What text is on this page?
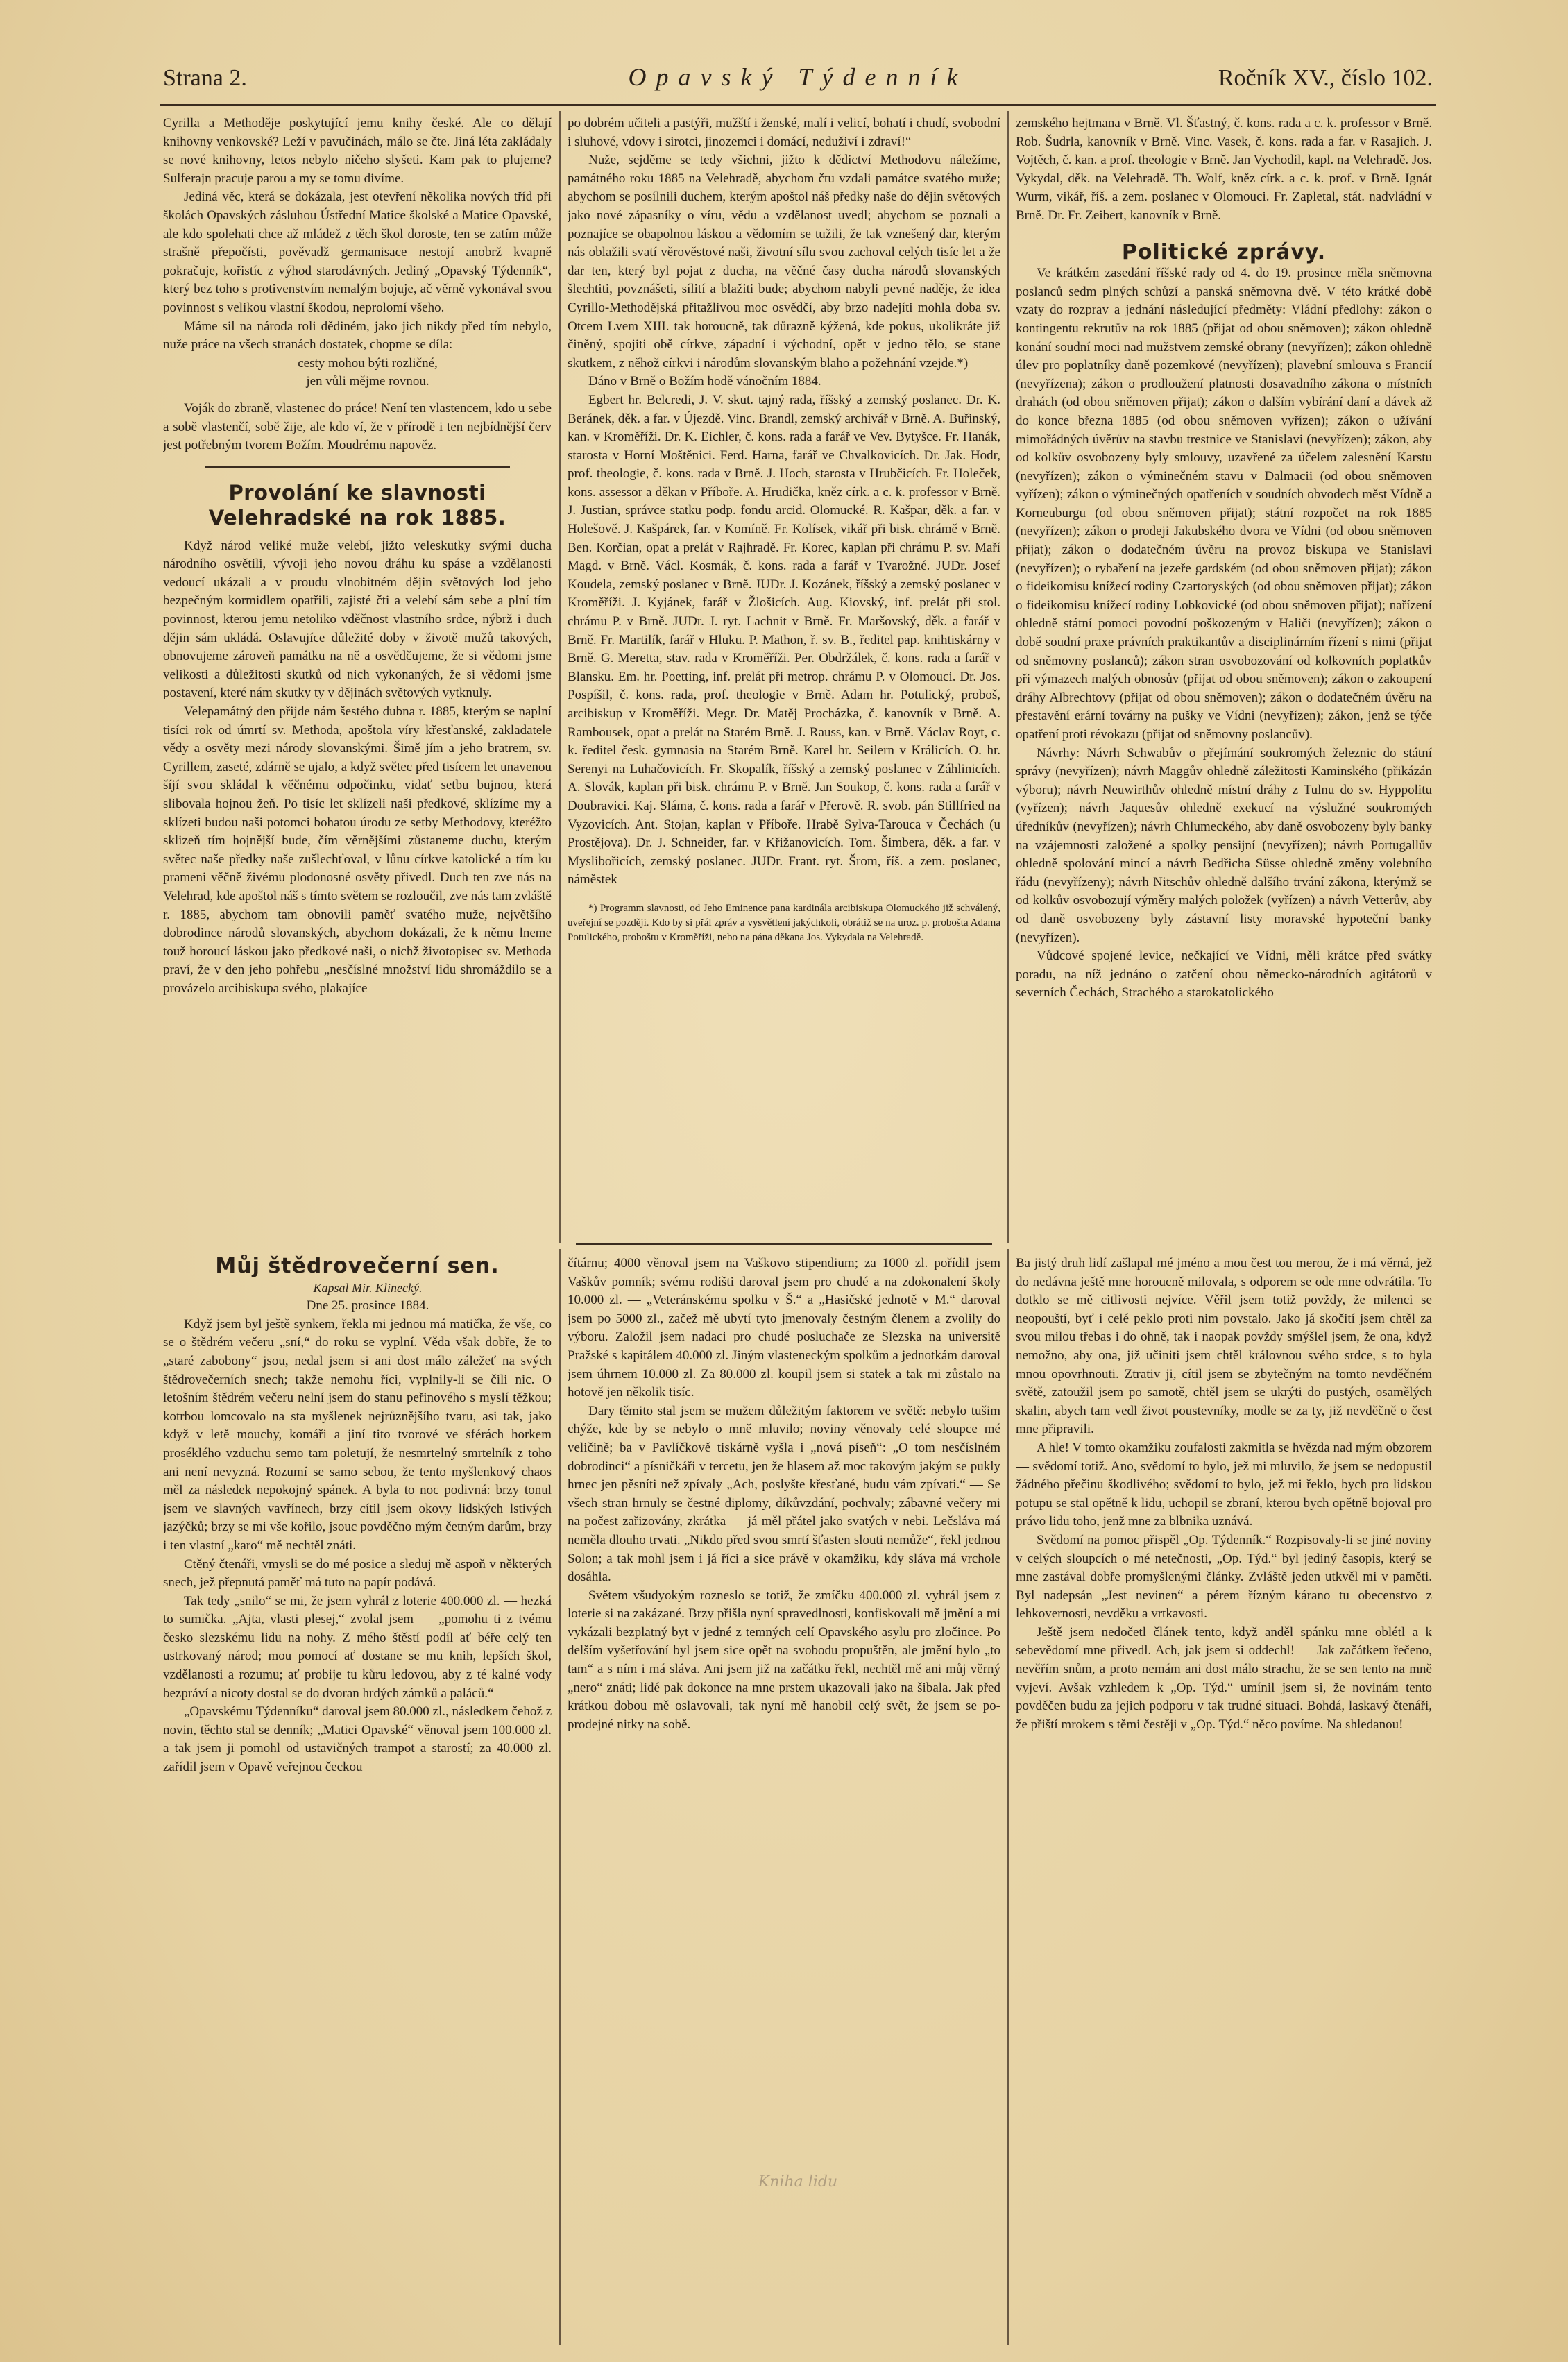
Strana 2.	Opavský Týdenník	Ročník XV., číslo 102.

Cyrilla a Methoděje poskytující jemu knihy české. Ale co dělají knihovny venkovské? Leží v pavučinách, málo se čte. Jiná léta zakládaly se nové knihovny, letos nebylo ničeho slyšeti. Kam pak to plujeme? Sulferajn pracuje parou a my se tomu divíme.

Jediná věc, která se dokázala, jest otevření několika nových tříd při školách Opavských zásluhou Ústřední Matice školské a Matice Opavské, ale kdo spolehati chce až mládež z těch škol doroste, ten se zatím může strašně přepočísti, pověvadž germanisace nestojí anobrž kvapně pokračuje, kořistíc z výhod starodávných. Jediný „Opavský Týdenník“, který bez toho s protivenstvím nemalým bojuje, ač věrně vykonával svou povinnost s velikou vlastní škodou, neprolomí všeho.

Máme sil na národa roli dědiném, jako jich nikdy před tím nebylo, nuže práce na všech stranách dostatek, chopme se díla:

cesty mohou býti rozličné,

jen vůli mějme rovnou.

Voják do zbraně, vlastenec do práce! Není ten vlastencem, kdo u sebe a sobě vlastenčí, sobě žije, ale kdo ví, že v přírodě i ten nejbídnější červ jest potřebným tvorem Božím. Moudrému napověz.

Provolání ke slavnosti Velehradské na rok 1885.

Když národ veliké muže velebí, jižto veleskutky svými ducha národního osvětili, vývoji jeho novou dráhu ku spáse a vzdělanosti vedoucí ukázali a v proudu vlnobitném dějin světových lod jeho bezpečným kormidlem opatřili, zajisté čti a velebí sám sebe a plní tím povinnost, kterou jemu netoliko vděčnost vlastního srdce, nýbrž i duch dějin sám ukládá. Oslavujíce důležité doby v životě mužů takových, obnovujeme zároveň památku na ně a osvědčujeme, že si vědomi jsme velikosti a důležitosti skutků od nich vykonaných, že si vědomi jsme postavení, které nám skutky ty v dějinách světových vytknuly.

Velepamátný den přijde nám šestého dubna r. 1885, kterým se naplní tisíci rok od úmrtí sv. Methoda, apoštola víry křesťanské, zakladatele vědy a osvěty mezi národy slovanskými. Šimě jím a jeho bratrem, sv. Cyrillem, zaseté, zdárně se ujalo, a když světec před tisícem let unavenou šíjí svou skládal k věčnému odpočinku, vidať setbu bujnou, která slibovala hojnou žeň. Po tisíc let sklízeli naši předkové, sklízíme my a sklízeti budou naši potomci bohatou úrodu ze setby Methodovy, kteréžto sklizeň tím hojnější bude, čím věrnějšími zůstaneme duchu, kterým světec naše předky naše zušlechťoval, v lůnu církve katolické a tím ku prameni věčně živému plodonosné osvěty přivedl. Duch ten zve nás na Velehrad, kde apoštol náš s tímto světem se rozloučil, zve nás tam zvláště r. 1885, abychom tam obnovili paměť svatého muže, největšího dobrodince národů slovanských, abychom dokázali, že k němu lneme touž horoucí láskou jako předkové naši, o nichž životopisec sv. Methoda praví, že v den jeho pohřebu „nesčíslné množství lidu shromáždilo se a provázelo arcibiskupa svého, plakajíce

po dobrém učiteli a pastýři, mužští i ženské, malí i velicí, bohatí i chudí, svobodní i sluhové, vdovy i sirotci, jinozemci i domácí, neduživí i zdraví!“

Nuže, sejděme se tedy všichni, jižto k dědictví Methodovu náležíme, památného roku 1885 na Velehradě, abychom čtu vzdali památce svatého muže; abychom se posílnili duchem, kterým apoštol náš předky naše do dějin světových jako nové zápasníky o víru, vědu a vzdělanost uvedl; abychom se poznali a poznajíce se obapolnou láskou a vědomím se tužili, že tak vznešený dar, kterým nás oblažili svatí věrověstové naši, životní sílu svou zachoval celých tisíc let a že dar ten, který byl pojat z ducha, na věčné časy ducha národů slovanských šlechtiti, povznášeti, sílití a blažiti bude; abychom nabyli pevné naděje, že idea Cyrillo-Methodějská přitažlivou moc osvědčí, aby brzo nadejíti mohla doba sv. Otcem Lvem XIII. tak horoucně, tak důrazně kýžená, kde pokus, ukolikráte již činěný, spojiti obě církve, západní i východní, opět v jedno tělo, se stane skutkem, z něhož církvi i národům slovanským blaho a požehnání vzejde.*)

Dáno v Brně o Božím hodě vánočním 1884.

Egbert hr. Belcredi, J. V. skut. tajný rada, říšský a zemský poslanec. Dr. K. Beránek, děk. a far. v Újezdě. Vinc. Brandl, zemský archivář v Brně. A. Buřinský, kan. v Kroměříži. Dr. K. Eichler, č. kons. rada a farář ve Vev. Bytyšce. Fr. Hanák, starosta v Horní Moštěnici. Ferd. Harna, farář ve Chvalkovicích. Dr. Jak. Hodr, prof. theologie, č. kons. rada v Brně. J. Hoch, starosta v Hrubčicích. Fr. Holeček, kons. assessor a děkan v Příboře. A. Hrudička, kněz círk. a c. k. professor v Brně. J. Justian, správce statku podp. fondu arcid. Olomucké. R. Kašpar, děk. a far. v Holešově. J. Kašpárek, far. v Komíně. Fr. Kolísek, vikář při bisk. chrámě v Brně. Ben. Korčian, opat a prelát v Rajhradě. Fr. Korec, kaplan při chrámu P. sv. Maří Magd. v Brně. Václ. Kosmák, č. kons. rada a farář v Tvarožné. JUDr. Josef Koudela, zemský poslanec v Brně. JUDr. J. Kozánek, říšský a zemský poslanec v Kroměříži. J. Kyjánek, farář v Žlošicích. Aug. Kiovský, inf. prelát při stol. chrámu P. v Brně. JUDr. J. ryt. Lachnit v Brně. Fr. Maršovský, děk. a farář v Brně. Fr. Martilík, farář v Hluku. P. Mathon, ř. sv. B., ředitel pap. knihtiskárny v Brně. G. Meretta, stav. rada v Kroměříži. Per. Obdržálek, č. kons. rada a farář v Blansku. Em. hr. Poetting, inf. prelát při metrop. chrámu P. v Olomouci. Dr. Jos. Pospíšil, č. kons. rada, prof. theologie v Brně. Adam hr. Potulický, proboš, arcibiskup v Kroměříži. Megr. Dr. Matěj Procházka, č. kanovník v Brně. A. Rambousek, opat a prelát na Starém Brně. J. Rauss, kan. v Brně. Václav Royt, c. k. ředitel česk. gymnasia na Starém Brně. Karel hr. Seilern v Králicích. O. hr. Serenyi na Luhačovicích. Fr. Skopalík, říšský a zemský poslanec v Záhlinicích. A. Slovák, kaplan při bisk. chrámu P. v Brně. Jan Soukop, č. kons. rada a farář v Doubravici. Kaj. Sláma, č. kons. rada a farář v Přerově. R. svob. pán Stillfried na Vyzovicích. Ant. Stojan, kaplan v Příboře. Hrabě Sylva-Tarouca v Čechách (u Prostějova). Dr. J. Schneider, far. v Křižanovicích. Tom. Šimbera, děk. a far. v Myslibořicích, zemský poslanec. JUDr. Frant. ryt. Šrom, říš. a zem. poslanec, náměstek

*) Programm slavnosti, od Jeho Eminence pana kardinála arcibiskupa Olomuckého již schválený, uveřejní se později. Kdo by si přál zpráv a vysvětlení jakýchkoli, obrátiž se na uroz. p. probošta Adama Potulického, proboštu v Kroměříži, nebo na pána děkana Jos. Vykydala na Velehradě.

zemského hejtmana v Brně. Vl. Šťastný, č. kons. rada a c. k. professor v Brně. Rob. Šudrla, kanovník v Brně. Vinc. Vasek, č. kons. rada a far. v Rasajich. J. Vojtěch, č. kan. a prof. theologie v Brně. Jan Vychodil, kapl. na Velehradě. Jos. Vykydal, děk. na Velehradě. Th. Wolf, kněz círk. a c. k. prof. v Brně. Ignát Wurm, vikář, říš. a zem. poslanec v Olomouci. Fr. Zapletal, stát. nadvládní v Brně. Dr. Fr. Zeibert, kanovník v Brně.

Politické zprávy.

Ve krátkém zasedání říšské rady od 4. do 19. prosince měla sněmovna poslanců sedm plných schůzí a panská sněmovna dvě. V této krátké době vzaty do rozprav a jednání následující předměty: Vládní předlohy: zákon o kontingentu rekrutův na rok 1885 (přijat od obou sněmoven); zákon ohledně konání soudní moci nad mužstvem zemské obrany (nevyřízen); zákon ohledně úlev pro poplatníky daně pozemkové (nevyřízen); plavební smlouva s Francií (nevyřízena); zákon o prodloužení platnosti dosavadního zákona o místních drahách (od obou sněmoven přijat); zákon o dalším vybírání daní a dávek až do konce března 1885 (od obou sněmoven vyřízen); zákon o užívání mimořádných úvěrův na stavbu trestnice ve Stanislavi (nevyřízen); zákon, aby od kolkův osvobozeny byly smlouvy, uzavřené za účelem zalesnění Karstu (nevyřízen); zákon o výminečném stavu v Dalmacii (od obou sněmoven vyřízen); zákon o výminečných opatřeních v soudních obvodech měst Vídně a Korneuburgu (od obou sněmoven přijat); státní rozpočet na rok 1885 (nevyřízen); zákon o prodeji Jakubského dvora ve Vídni (od obou sněmoven přijat); zákon o dodatečném úvěru na provoz biskupa ve Stanislavi (nevyřízen); o rybaření na jezeře gardském (od obou sněmoven přijat); zákon o fideikomisu knížecí rodiny Czartoryských (od obou sněmoven přijat); zákon o fideikomisu knížecí rodiny Lobkovické (od obou sněmoven přijat); nařízení ohledně státní pomoci povodní poškozeným v Haliči (nevyřízen); zákon o době soudní praxe právních praktikantův a disciplinárním řízení s nimi (přijat od sněmovny poslanců); zákon stran osvobozování od kolkovních poplatkův při výmazech malých obnosův (přijat od obou sněmoven); zákon o zakoupení dráhy Albrechtovy (přijat od obou sněmoven); zákon o dodatečném úvěru na přestavění erární továrny na pušky ve Vídni (nevyřízen); zákon, jenž se týče opatření proti révokazu (přijat od sněmovny poslancův).

Návrhy: Návrh Schwabův o přejímání soukromých železnic do státní správy (nevyřízen); návrh Maggův ohledně záležitosti Kaminského (přikázán výboru); návrh Neuwirthův ohledně místní dráhy z Tulnu do sv. Hyppolitu (vyřízen); návrh Jaquesův ohledně exekucí na výslužné soukromých úředníkův (nevyřízen); návrh Chlumeckého, aby daně osvobozeny byly banky na vzájemnosti založené a spolky pensijní (nevyřízen); návrh Portugallův ohledně spolování mincí a návrh Bedřicha Süsse ohledně změny volebního řádu (nevyřízeny); návrh Nitschův ohledně dalšího trvání zákona, kterýmž se od kolkův osvobozují výměry malých položek (vyřízen) a návrh Vetterův, aby od daně osvobozeny byly zástavní listy moravské hypoteční banky (nevyřízen).

Vůdcové spojené levice, nečkající ve Vídni, měli krátce před svátky poradu, na níž jednáno o zatčení obou německo-národních agitátorů v severních Čechách, Strachého a starokatolického

Můj štědrovečerní sen.

Kapsal Mir. Klinecký.

Dne 25. prosince 1884.

Když jsem byl ještě synkem, řekla mi jednou má matička, že vše, co se o štědrém večeru „sní,“ do roku se vyplní. Věda však dobře, že to „staré zabobony“ jsou, nedal jsem si ani dost málo záležeť na svých štědrovečerních snech; takže nemohu říci, vyplnily-li se čili nic. O letošním štědrém večeru nelní jsem do stanu peřinového s myslí těžkou; kotrbou lomcovalo na sta myšlenek nejrůznějšího tvaru, asi tak, jako když v letě mouchy, komáři a jiní tito tvorové ve sférách horkem proséklého vzduchu semo tam poletují, že nesmrtelný smrtelník z toho ani není nevyzná. Rozumí se samo sebou, že tento myšlenkový chaos měl za následek nepokojný spánek. A byla to noc podivná: brzy tonul jsem ve slavných vavřínech, brzy cítil jsem okovy lidských lstivých jazýčků; brzy se mi vše kořilo, jsouc povděčno mým četným darům, brzy i ten vlastní „karo“ mě nechtěl znáti.

Ctěný čtenáři, vmysli se do mé posice a sleduj mě aspoň v některých snech, jež přepnutá paměť má tuto na papír podává.

Tak tedy „snilo“ se mi, že jsem vyhrál z loterie 400.000 zl. — hezká to sumička. „Ajta, vlasti plesej,“ zvolal jsem — „pomohu ti z tvému česko slezskému lidu na nohy. Z mého štěstí podíl ať béře celý ten ustrkovaný národ; mou pomocí ať dostane se mu knih, lepších škol, vzdělanosti a rozumu; ať probije tu kůru ledovou, aby z té kalné vody bezpráví a nicoty dostal se do dvoran hrdých zámků a paláců.“

„Opavskému Týdenníku“ daroval jsem 80.000 zl., následkem čehož z novin, těchto stal se denník; „Matici Opavské“ věnoval jsem 100.000 zl. a tak jsem ji pomohl od ustavičných trampot a starostí; za 40.000 zl. zařídil jsem v Opavě veřejnou čeckou

čítárnu; 4000 věnoval jsem na Vaškovo stipendium; za 1000 zl. pořídil jsem Vaškův pomník; svému rodišti daroval jsem pro chudé a na zdokonalení školy 10.000 zl. — „Veteránskému spolku v Š.“ a „Hasičské jednotě v M.“ daroval jsem po 5000 zl., začež mě ubytí tyto jmenovaly čestným členem a zvolily do výboru. Založil jsem nadaci pro chudé posluchače ze Slezska na universitě Pražské s kapitálem 40.000 zl. Jiným vlasteneckým spolkům a jednotkám daroval jsem úhrnem 10.000 zl. Za 80.000 zl. koupil jsem si statek a tak mi zůstalo na hotově jen několik tisíc.

Dary těmito stal jsem se mužem důležitým faktorem ve světě: nebylo tušim chýže, kde by se nebylo o mně mluvilo; noviny věnovaly celé sloupce mé veličině; ba v Pavlíčkově tiskárně vyšla i „nová píseň“: „O tom nesčíslném dobrodinci“ a písničkáři v tercetu, jen že hlasem až moc takovým jakým se pukly hrnec jen pěsníti než zpívaly „Ach, poslyšte křesťané, budu vám zpívati.“ — Se všech stran hrnuly se čestné diplomy, díkůvzdání, pochvaly; zábavné večery mi na počest zařizovány, zkrátka — já měl přátel jako svatých v nebi. Lečsláva má neměla dlouho trvati. „Nikdo před svou smrtí šťasten slouti nemůže“, řekl jednou Solon; a tak mohl jsem i já říci a sice právě v okamžiku, kdy sláva má vrchole dosáhla.

Světem všudyokým rozneslo se totiž, že zmíčku 400.000 zl. vyhrál jsem z loterie si na zakázané. Brzy přišla nyní spravedlnosti, konfiskovali mě jmění a mi vykázali bezplatný byt v jedné z temných celí Opavského asylu pro zločince. Po delším vyšetřování byl jsem sice opět na svobodu propuštěn, ale jmění bylo „to tam“ a s ním i má sláva. Ani jsem již na začátku řekl, nechtěl mě ani můj věrný „nero“ znáti; lidé pak dokonce na mne prstem ukazovali jako na šibala. Jak před krátkou dobou mě oslavovali, tak nyní mě hanobil celý svět, že jsem se po- prodejné nitky na sobě.

Ba jistý druh lidí zašlapal mé jméno a mou čest tou merou, že i má věrná, jež do nedávna ještě mne horoucně milovala, s odporem se ode mne odvrátila. To dotklo se mě citlivosti nejvíce. Věřil jsem totiž povždy, že milenci se neopouští, byť i celé peklo proti nim povstalo. Jako já skočití jsem chtěl za svou milou třebas i do ohně, tak i naopak povždy smýšlel jsem, že ona, když nemožno, aby ona, již učiniti jsem chtěl královnou svého srdce, s to byla mnou opovrhnouti. Ztrativ ji, cítil jsem se zbytečným na tomto nevděčném světě, zatoužil jsem po samotě, chtěl jsem se ukrýti do pustých, osamělých skalin, abych tam vedl život poustevníky, modle se za ty, již nevděčně o čest mne připravili.

A hle! V tomto okamžiku zoufalosti zakmitla se hvězda nad mým obzorem — svědomí totiž. Ano, svědomí to bylo, jež mi mluvilo, že jsem se nedopustil žádného přečinu škodlivého; svědomí to bylo, jež mi řeklo, bych pro lidskou potupu se stal opětně k lidu, uchopil se zbraní, kterou bych opětně bojoval pro právo lidu toho, jenž mne za blbnika uznává.

Svědomí na pomoc přispěl „Op. Týdenník.“ Rozpisovaly-li se jiné noviny v celých sloupcích o mé netečnosti, „Op. Týd.“ byl jediný časopis, který se mne zastával dobře promyšlenými články. Zvláště jeden utkvěl mi v paměti. Byl nadepsán „Jest nevinen“ a pérem řízným kárano tu obecenstvo z lehkovernosti, nevděku a vrtkavosti.

Ještě jsem nedočetl článek tento, když anděl spánku mne oblétl a k sebevědomí mne přivedl. Ach, jak jsem si oddechl! — Jak začátkem řečeno, nevěřím snům, a proto nemám ani dost málo strachu, že se sen tento na mně vyjeví. Avšak vzhledem k „Op. Týd.“ umínil jsem si, že novinám tento povděčen budu za jejich podporu v tak trudné situaci. Bohdá, laskavý čtenáři, že přiští mrokem s těmi čestěji v „Op. Týd.“ něco povíme. Na shledanou!

Kniha lidu
